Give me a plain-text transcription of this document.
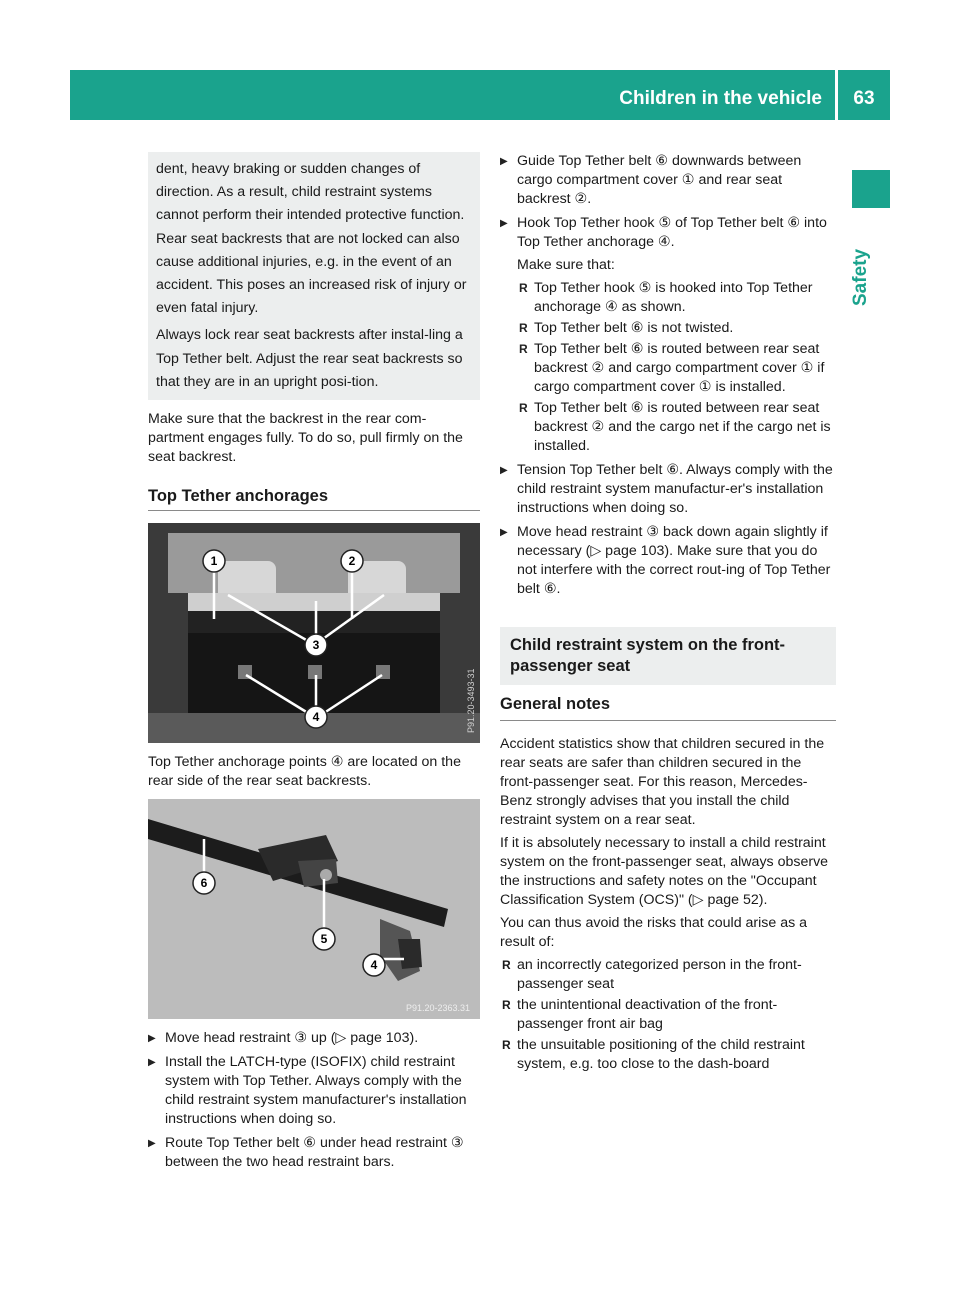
Children in the vehicle	63
Safety

dent, heavy braking or sudden changes of direction. As a result, child restraint systems cannot perform their intended protective function. Rear seat backrests that are not locked can also cause additional injuries, e.g. in the event of an accident. This poses an increased risk of injury or even fatal injury.

Always lock rear seat backrests after instal-ling a Top Tether belt. Adjust the rear seat backrests so that they are in an upright posi-tion.

Make sure that the backrest in the rear com-partment engages fully. To do so, pull firmly on the seat backrest.

Top Tether anchorages
1	2
3
4	P91.20-3493-31

Top Tether anchorage points ④ are located on the rear side of the rear seat backrests.

6
5
4
P91.20-2363.31
▶ Move head restraint ③ up (▷ page 103).
▶ Install the LATCH-type (ISOFIX) child restraint system with Top Tether. Always comply with the child restraint system manufacturer's installation instructions when doing so.
▶ Route Top Tether belt ⑥ under head restraint ③ between the two head restraint bars.
▶ Guide Top Tether belt ⑥ downwards between cargo compartment cover ① and rear seat backrest ②.
▶ Hook Top Tether hook ⑤ of Top Tether belt ⑥ into Top Tether anchorage ④.
Make sure that:
R Top Tether hook ⑤ is hooked into Top Tether anchorage ④ as shown.
R Top Tether belt ⑥ is not twisted.
R Top Tether belt ⑥ is routed between rear seat backrest ② and cargo compartment cover ① if cargo compartment cover ① is installed.
R Top Tether belt ⑥ is routed between rear seat backrest ② and the cargo net if the cargo net is installed.
▶ Tension Top Tether belt ⑥. Always comply with the child restraint system manufactur-er's installation instructions when doing so.
▶ Move head restraint ③ back down again slightly if necessary (▷ page 103). Make sure that you do not interfere with the correct rout-ing of Top Tether belt ⑥.
Child restraint system on the front-passenger seat
General notes

Accident statistics show that children secured in the rear seats are safer than children secured in the front-passenger seat. For this reason, Mercedes-Benz strongly advises that you install the child restraint system on a rear seat.

If it is absolutely necessary to install a child restraint system on the front-passenger seat, always observe the instructions and safety notes on the "Occupant Classification System (OCS)" (▷ page 52).

You can thus avoid the risks that could arise as a result of:

R an incorrectly categorized person in the front-passenger seat
R the unintentional deactivation of the front-passenger front air bag
R the unsuitable positioning of the child restraint system, e.g. too close to the dash-board
